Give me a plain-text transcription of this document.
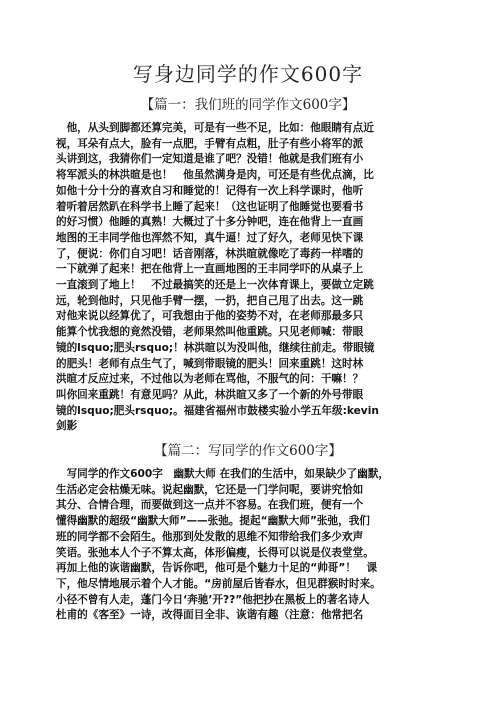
写身边同学的作文600字
【篇一：我们班的同学作文600字】
　他，从头到脚都还算完美，可是有一些不足，比如：他眼睛有点近
视，耳朵有点大，脸有一点肥，手臂有点粗，肚子有些小将军的派
头讲到这，我猜你们一定知道是谁了吧？没错！他就是我们班有小
将军派头的林洪暄是也！　他虽然满身是肉，可还是有些优点滴，比
如他十分十分的喜欢自习和睡觉的！记得有一次上科学课时，他听
着听着居然趴在科学书上睡了起来！（这也证明了他睡觉也要看书
的好习惯）他睡的真熟！大概过了十多分钟吧，连在他背上一直画
地图的王丰同学他也浑然不知，真牛逼！过了好久，老师见快下课
了，便说：你们自习吧！话音刚落，林洪暄就像吃了毒药一样嗜的
一下就弹了起来！把在他背上一直画地图的王丰同学吓的从桌子上
一直滚到了地上！　不过最搞笑的还是上一次体育课上，要做立定跳
远，轮到他时，只见他手臂一摆，一扔，把自己甩了出去。这一跳
对他来说以经算优了，可我想由于他的姿势不对，在老师那最多只
能算个忧我想的竟然没错，老师果然叫他重跳。只见老师喊：带眼
镜的lsquo;肥头rsquo;！林洪暄以为没叫他，继续往前走。带眼镜
的肥头！老师有点生气了，喊到带眼镜的肥头！回来重跳！这时林
洪暄才反应过来，不过他以为老师在骂他，不服气的问：干嘛！？
叫你回来重跳！有意见吗？从此，林洪暄又多了一个新的外号带眼
镜的lsquo;肥头rsquo;。福建省福州市鼓楼实验小学五年级:kevin
剑影
【篇二：写同学的作文600字】
　写同学的作文600字　幽默大师 在我们的生活中，如果缺少了幽默，
生活必定会枯燥无味。说起幽默，它还是一门学问呢，要讲究恰如
其分、合情合理，而要做到这一点并不容易。在我们班，便有一个
懂得幽默的超级“幽默大师”——张弛。提起“幽默大师”张弛，我们
班的同学都不会陌生。他那到处发散的思维不知带给我们多少欢声
笑语。张弛本人个子不算太高，体形偏瘦，长得可以说是仪表堂堂。
再加上他的诙谐幽默，告诉你吧，他可是个魅力十足的“帅哥”！　课
下，他尽情地展示着个人才能。“房前屋后皆春水，但见群猴时时来。
小径不曾有人走，蓬门今日‘奔驰’开??”他把抄在黑板上的著名诗人
杜甫的《客至》一诗，改得面目全非、诙谐有趣（注意：他常把名
